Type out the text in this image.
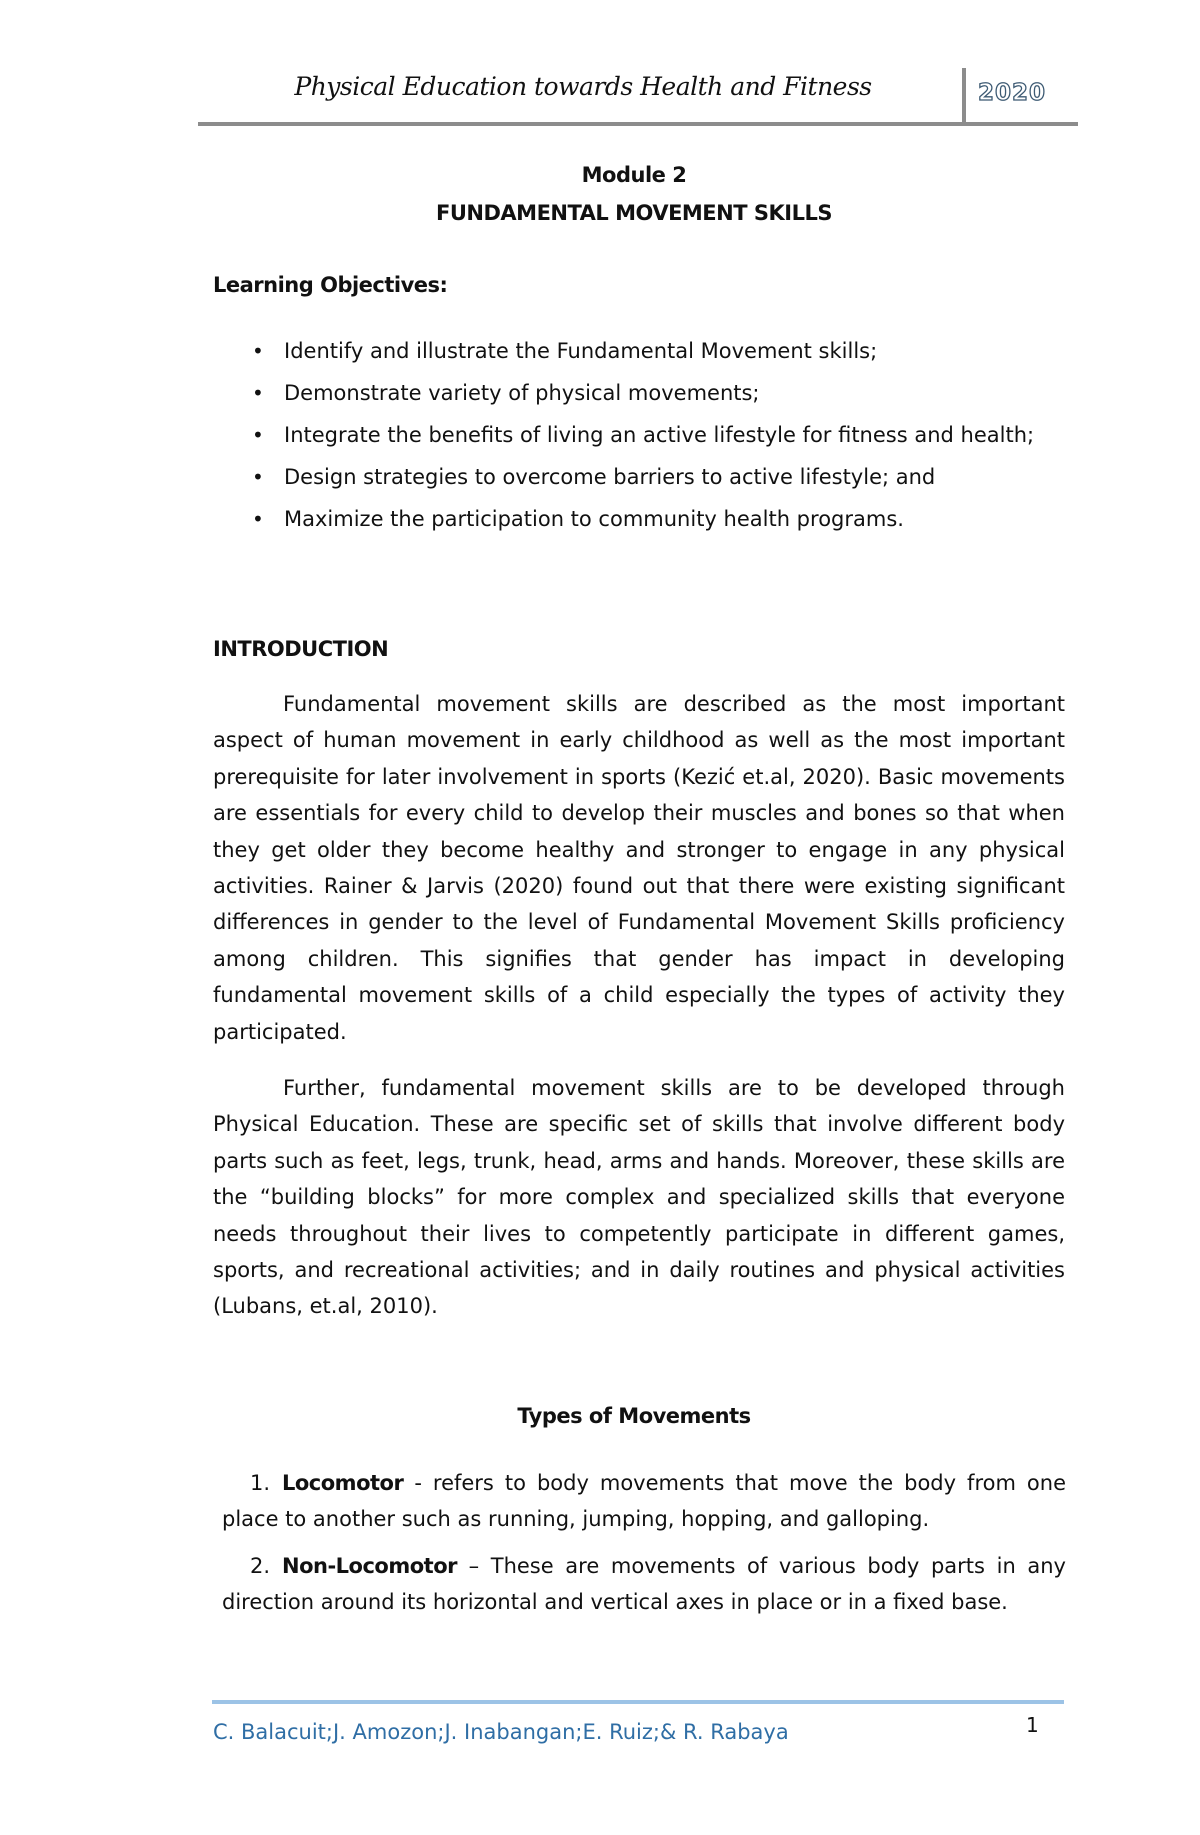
Physical Education towards Health and Fitness	2020
Module 2
FUNDAMENTAL MOVEMENT SKILLS
Learning Objectives:
• Identify and illustrate the Fundamental Movement skills;
• Demonstrate variety of physical movements;
• Integrate the benefits of living an active lifestyle for fitness and health;
• Design strategies to overcome barriers to active lifestyle; and
• Maximize the participation to community health programs.
INTRODUCTION

Fundamental movement skills are described as the most important aspect of human movement in early childhood as well as the most important prerequisite for later involvement in sports (Kezić et.al, 2020). Basic movements are essentials for every child to develop their muscles and bones so that when they get older they become healthy and stronger to engage in any physical activities. Rainer & Jarvis (2020) found out that there were existing significant differences in gender to the level of Fundamental Movement Skills proficiency among children. This signifies that gender has impact in developing fundamental movement skills of a child especially the types of activity they participated.

Further, fundamental movement skills are to be developed through Physical Education. These are specific set of skills that involve different body parts such as feet, legs, trunk, head, arms and hands. Moreover, these skills are the “building blocks” for more complex and specialized skills that everyone needs throughout their lives to competently participate in different games, sports, and recreational activities; and in daily routines and physical activities (Lubans, et.al, 2010).

Types of Movements
1. Locomotor - refers to body movements that move the body from one place to another such as running, jumping, hopping, and galloping.
2. Non-Locomotor – These are movements of various body parts in any direction around its horizontal and vertical axes in place or in a fixed base.
C. Balacuit;J. Amozon;J. Inabangan;E. Ruiz;& R. Rabaya	1
